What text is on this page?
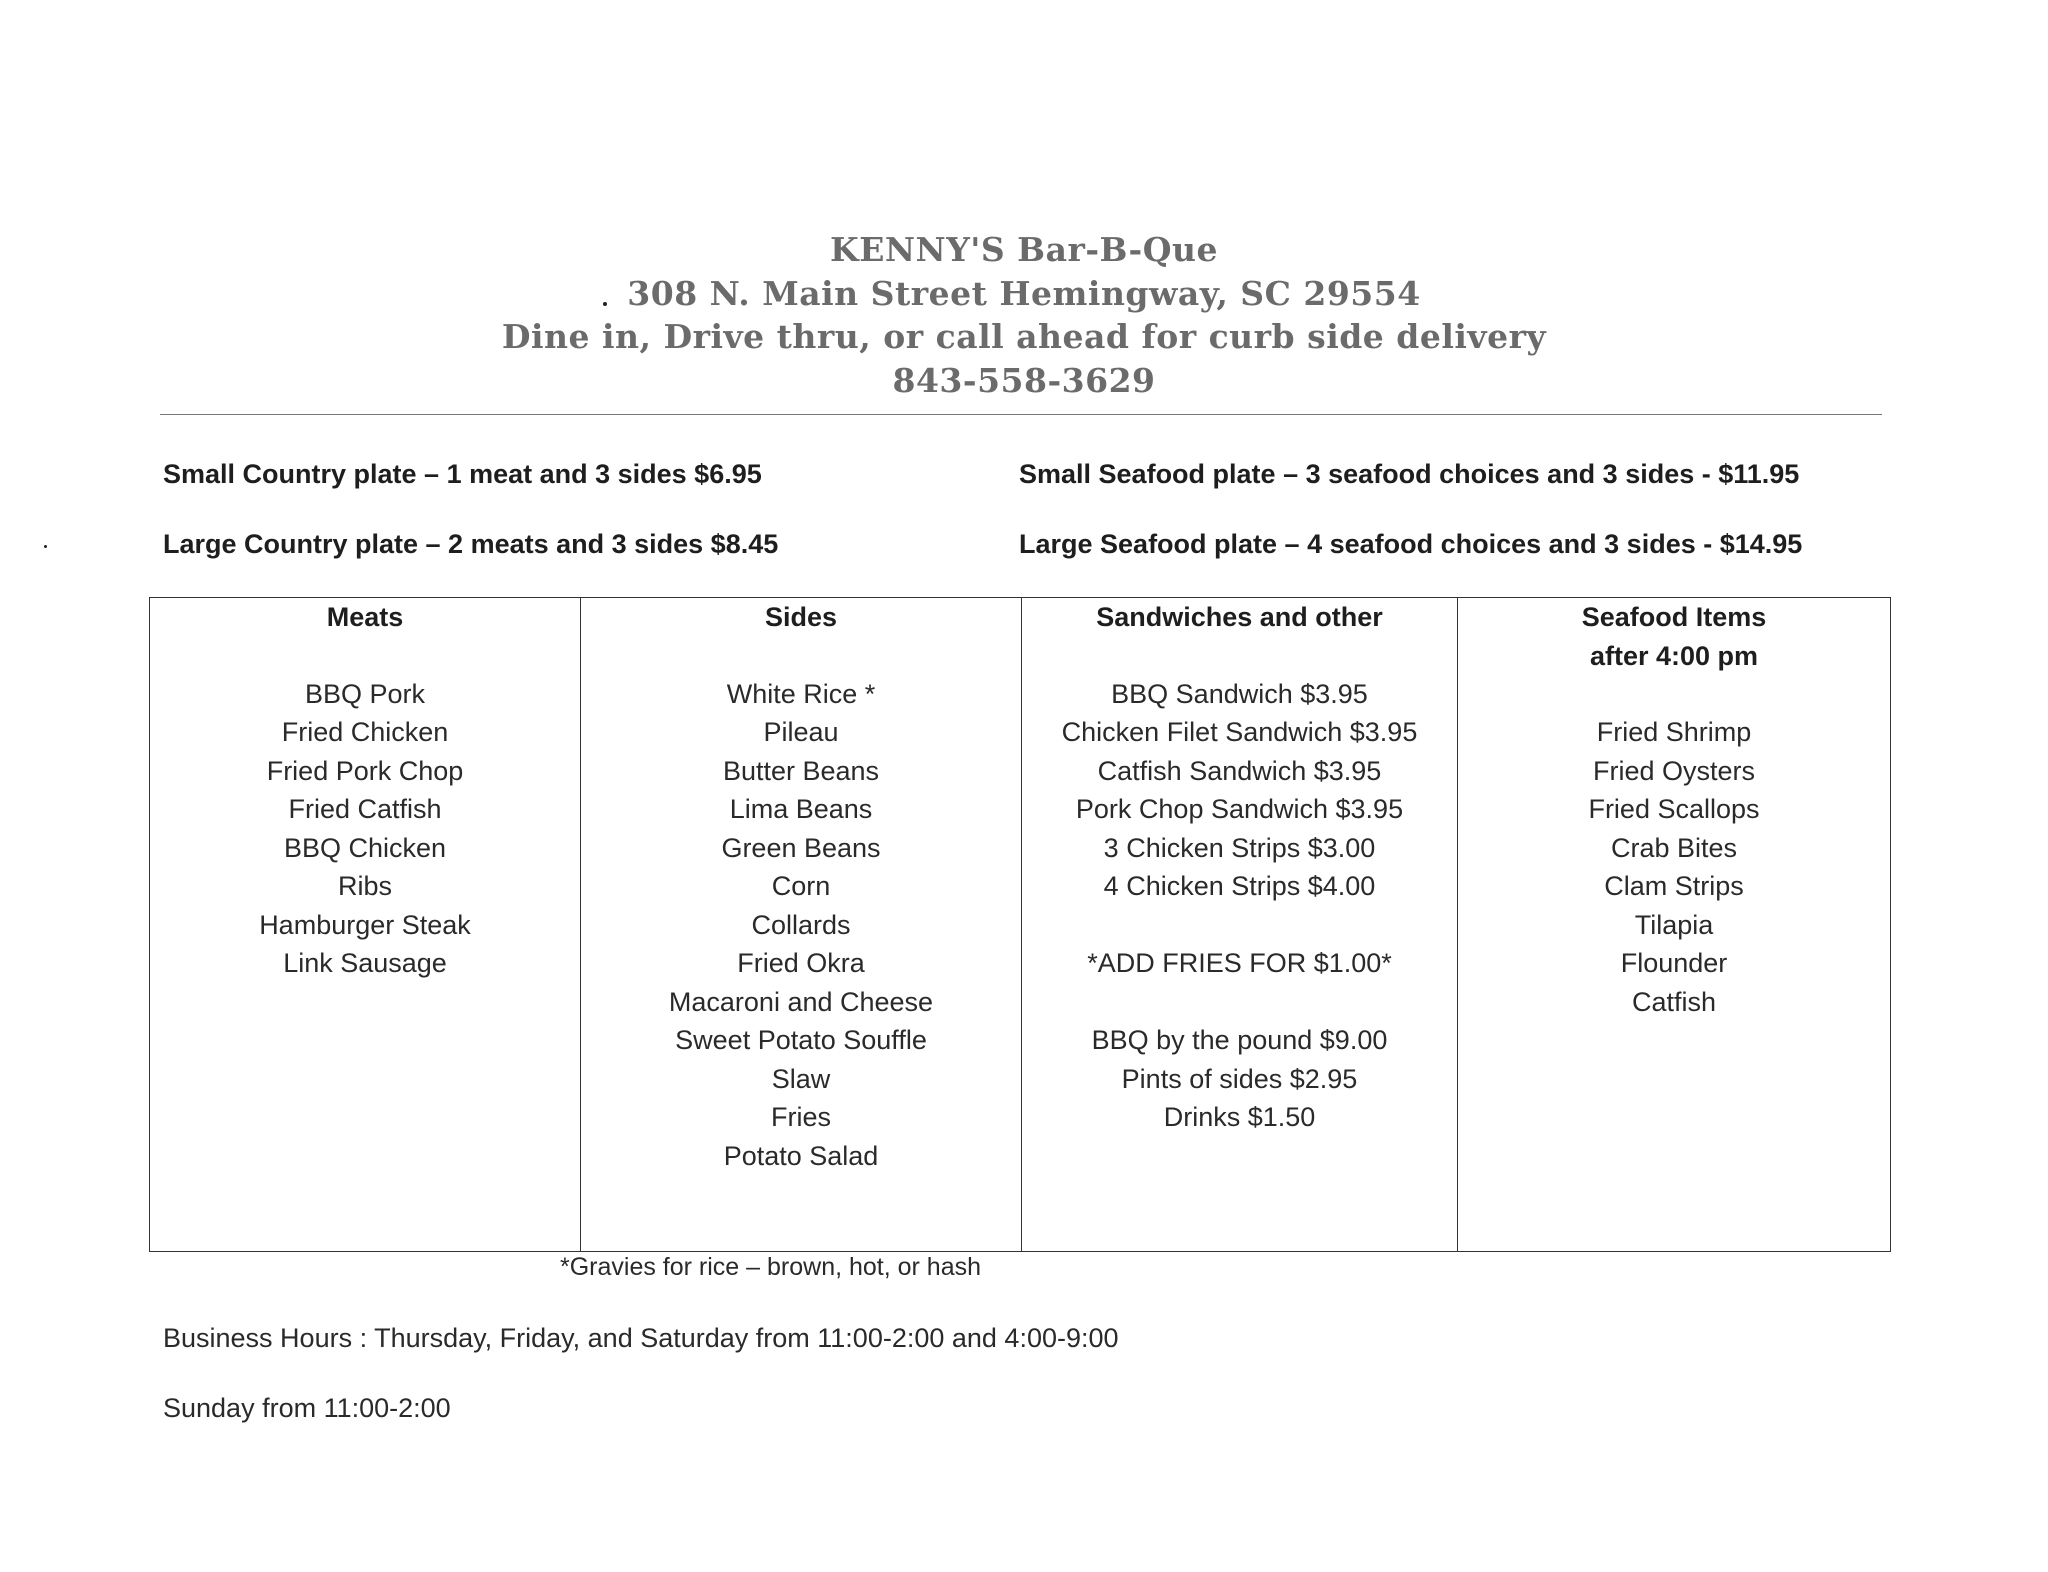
KENNY'S Bar-B-Que
308 N. Main Street Hemingway, SC 29554
Dine in, Drive thru, or call ahead for curb side delivery
843-558-3629
Small Country plate – 1 meat and 3 sides $6.95
Large Country plate – 2 meats and 3 sides $8.45
Small Seafood plate – 3 seafood choices and 3 sides - $11.95
Large Seafood plate – 4 seafood choices and 3 sides - $14.95
Meats
BBQ Pork
Fried Chicken
Fried Pork Chop
Fried Catfish
BBQ Chicken
Ribs
Hamburger Steak
Link Sausage
Sides
White Rice *
Pileau
Butter Beans
Lima Beans
Green Beans
Corn
Collards
Fried Okra
Macaroni and Cheese
Sweet Potato Souffle
Slaw
Fries
Potato Salad
Sandwiches and other
BBQ Sandwich $3.95
Chicken Filet Sandwich $3.95
Catfish Sandwich $3.95
Pork Chop Sandwich $3.95
3 Chicken Strips $3.00
4 Chicken Strips $4.00
*ADD FRIES FOR $1.00*
BBQ by the pound $9.00
Pints of sides $2.95
Drinks $1.50
Seafood Items
after 4:00 pm
Fried Shrimp
Fried Oysters
Fried Scallops
Crab Bites
Clam Strips
Tilapia
Flounder
Catfish
*Gravies for rice – brown, hot, or hash
Business Hours : Thursday, Friday, and Saturday from 11:00-2:00 and 4:00-9:00
Sunday from 11:00-2:00
